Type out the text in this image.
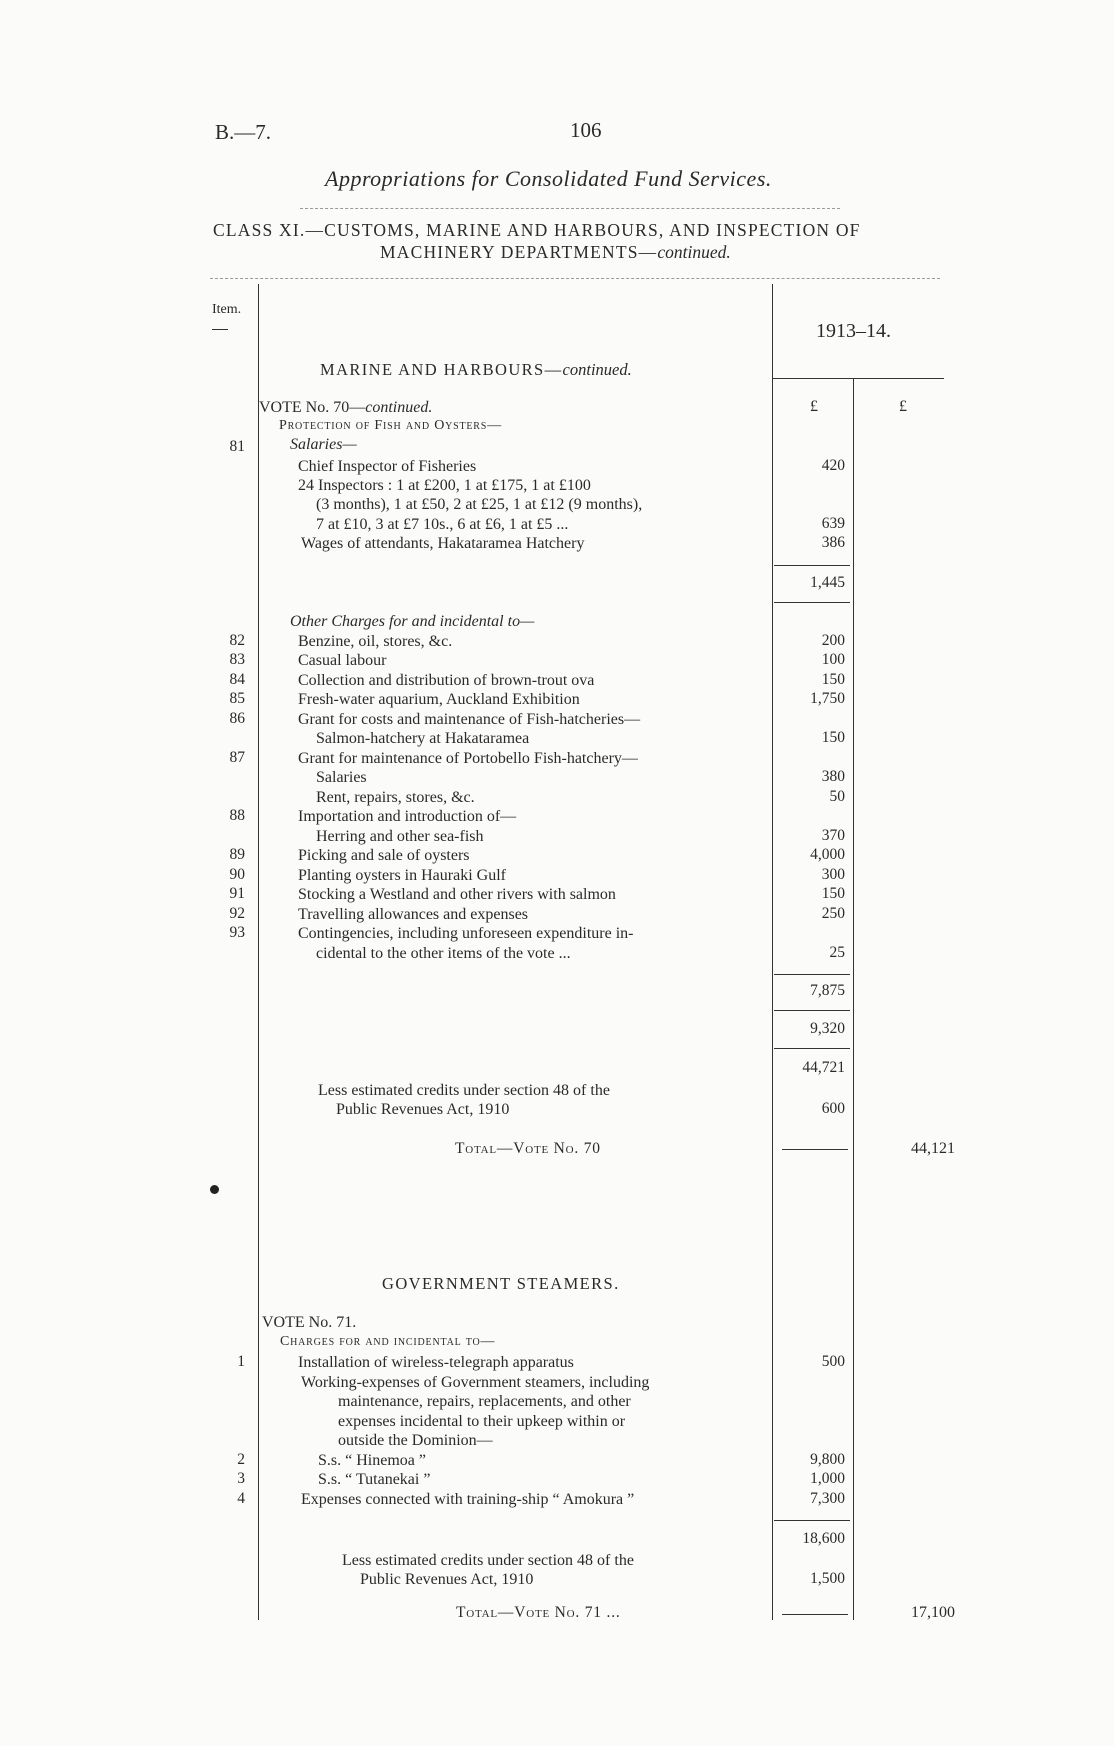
B.—7.	106
Appropriations for Consolidated Fund Services.
CLASS XI.—CUSTOMS, MARINE AND HARBOURS, AND INSPECTION OF
MACHINERY DEPARTMENTS—continued.
Item.
1913–14.
MARINE AND HARBOURS—continued.
VOTE No. 70—continued.	£	£
Protection of Fish and Oysters—
81	Salaries—
Chief Inspector of Fisheries	420
24 Inspectors : 1 at £200, 1 at £175, 1 at £100
(3 months), 1 at £50, 2 at £25, 1 at £12 (9 months),
7 at £10, 3 at £7 10s., 6 at £6, 1 at £5 ...	639
Wages of attendants, Hakataramea Hatchery	386
1,445
Other Charges for and incidental to—
82	Benzine, oil, stores, &c.	200
83	Casual labour	100
84	Collection and distribution of brown-trout ova	150
85	Fresh-water aquarium, Auckland Exhibition	1,750
86	Grant for costs and maintenance of Fish-hatcheries—
Salmon-hatchery at Hakataramea	150
87	Grant for maintenance of Portobello Fish-hatchery—
Salaries	380
Rent, repairs, stores, &c.	50
88	Importation and introduction of—
Herring and other sea-fish	370
89	Picking and sale of oysters	4,000
90	Planting oysters in Hauraki Gulf	300
91	Stocking a Westland and other rivers with salmon	150
92	Travelling allowances and expenses	250
93	Contingencies, including unforeseen expenditure in-
cidental to the other items of the vote ...	25
7,875
9,320
44,721
Less estimated credits under section 48 of the
Public Revenues Act, 1910	600
Total—Vote No. 70	44,121
GOVERNMENT STEAMERS.
VOTE No. 71.
Charges for and incidental to—
1	Installation of wireless-telegraph apparatus	500
Working-expenses of Government steamers, including
maintenance, repairs, replacements, and other
expenses incidental to their upkeep within or
outside the Dominion—
2	S.s. “ Hinemoa ”	9,800
3	S.s. “ Tutanekai ”	1,000
4	Expenses connected with training-ship “ Amokura ”	7,300
18,600
Less estimated credits under section 48 of the
Public Revenues Act, 1910	1,500
Total—Vote No. 71 ...	17,100
